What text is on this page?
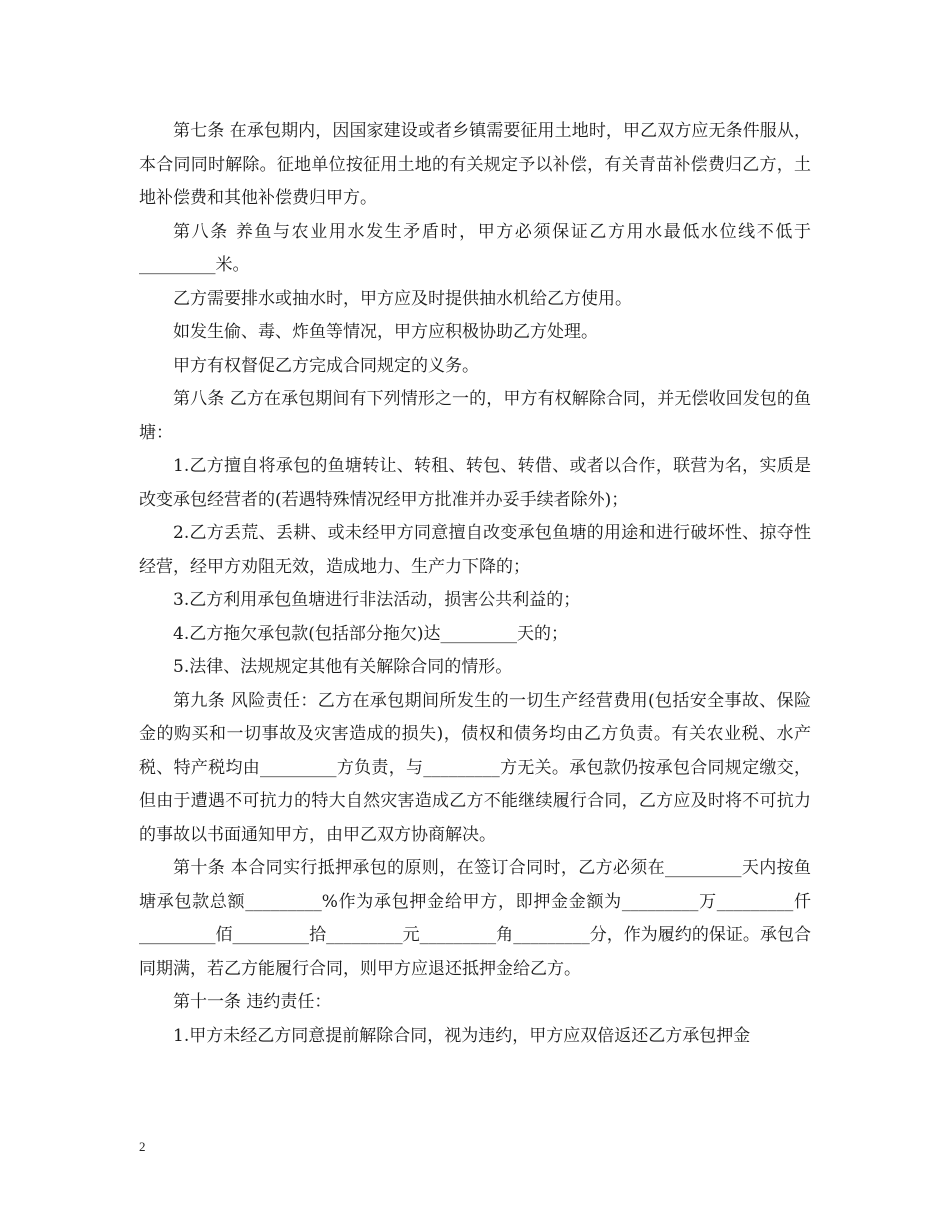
第七条 在承包期内，因国家建设或者乡镇需要征用土地时，甲乙双方应无条件服从，本合同同时解除。征地单位按征用土地的有关规定予以补偿，有关青苗补偿费归乙方，土地补偿费和其他补偿费归甲方。

第八条 养鱼与农业用水发生矛盾时，甲方必须保证乙方用水最低水位线不低于_________米。

乙方需要排水或抽水时，甲方应及时提供抽水机给乙方使用。

如发生偷、毒、炸鱼等情况，甲方应积极协助乙方处理。

甲方有权督促乙方完成合同规定的义务。

第八条 乙方在承包期间有下列情形之一的，甲方有权解除合同，并无偿收回发包的鱼塘：

1.乙方擅自将承包的鱼塘转让、转租、转包、转借、或者以合作，联营为名，实质是改变承包经营者的(若遇特殊情况经甲方批准并办妥手续者除外)；

2.乙方丢荒、丢耕、或未经甲方同意擅自改变承包鱼塘的用途和进行破坏性、掠夺性经营，经甲方劝阻无效，造成地力、生产力下降的；

3.乙方利用承包鱼塘进行非法活动，损害公共利益的；

4.乙方拖欠承包款(包括部分拖欠)达_________天的；

5.法律、法规规定其他有关解除合同的情形。

第九条 风险责任：乙方在承包期间所发生的一切生产经营费用(包括安全事故、保险金的购买和一切事故及灾害造成的损失)，债权和债务均由乙方负责。有关农业税、水产税、特产税均由_________方负责，与_________方无关。承包款仍按承包合同规定缴交，但由于遭遇不可抗力的特大自然灾害造成乙方不能继续履行合同，乙方应及时将不可抗力的事故以书面通知甲方，由甲乙双方协商解决。

第十条 本合同实行抵押承包的原则，在签订合同时，乙方必须在_________天内按鱼塘承包款总额_________%作为承包押金给甲方，即押金金额为_________万_________仟_________佰_________拾_________元_________角_________分，作为履约的保证。承包合同期满，若乙方能履行合同，则甲方应退还抵押金给乙方。

第十一条 违约责任：

1.甲方未经乙方同意提前解除合同，视为违约，甲方应双倍返还乙方承包押金

2
